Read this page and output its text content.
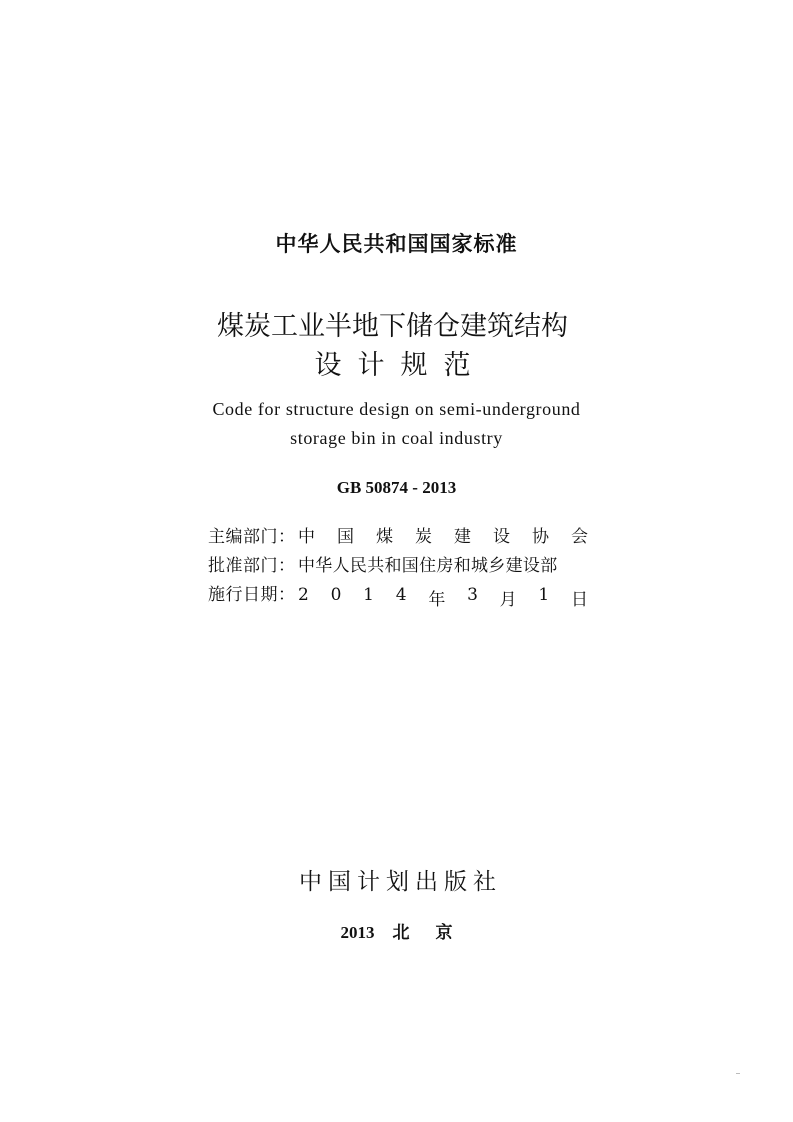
中华人民共和国国家标准
煤炭工业半地下储仓建筑结构
设计规范
Code for structure design on semi-underground
storage bin in coal industry
GB 50874 - 2013
主编部门： 中 国 煤 炭 建 设 协 会
批准部门： 中华人民共和国住房和城乡建设部
施行日期： 2 0 1 4 年 3 月 1 日
中国计划出版社
2013 北 京
